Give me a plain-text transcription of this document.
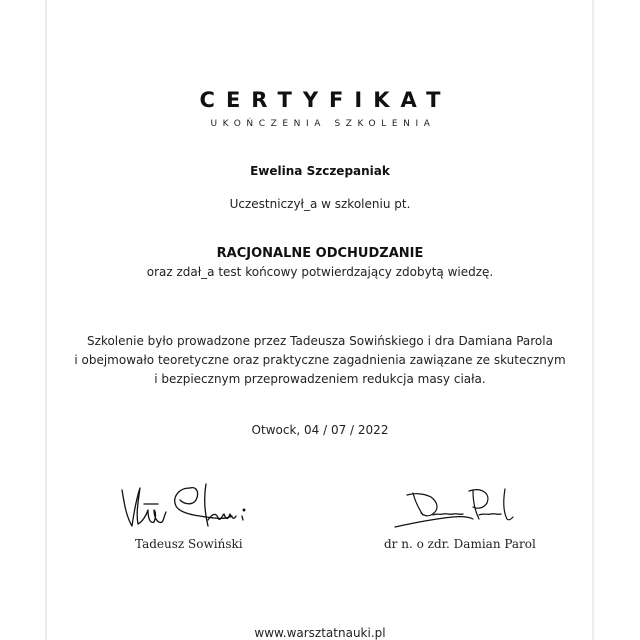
CERTYFIKAT
UKOŃCZENIA SZKOLENIA
Ewelina Szczepaniak
Uczestniczył_a w szkoleniu pt.
RACJONALNE ODCHUDZANIE
oraz zdał_a test końcowy potwierdzający zdobytą wiedzę.
Szkolenie było prowadzone przez Tadeusza Sowińskiego i dra Damiana Parola
i obejmowało teoretyczne oraz praktyczne zagadnienia zawiązane ze skutecznym
i bezpiecznym przeprowadzeniem redukcja masy ciała.
Otwock, 04 / 07 / 2022
Tadeusz Sowiński	dr n. o zdr. Damian Parol
www.warsztatnauki.pl
